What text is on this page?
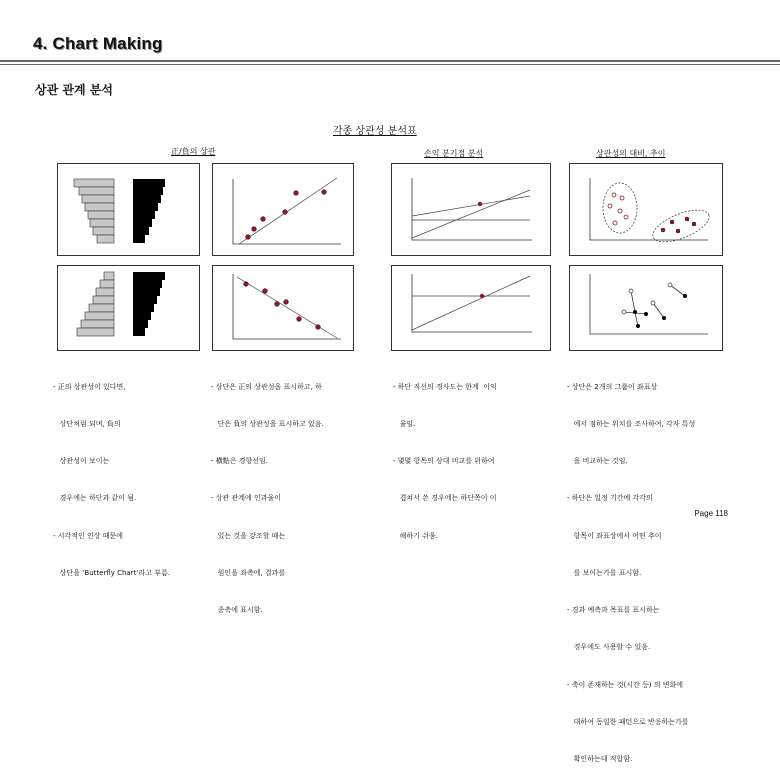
4. Chart Making
상관 관계 분석
각종 상관성 분석표
正/負의 상관	손익 분기점 분석	상관성의 대비, 추이

- 正의 상관성이 있다면,

상단처럼 되며, 負의

상관성이 보이는

경우에는 하단과 같이 됨.

- 시각적인 인상 때문에

상단을 ‘Butterfly Chart’라고 부름.

- 상단은 正의 상관성을 표시하고, 하

단은 負의 상관성을 표시하고 있음.

- 横點은 경향선임.

- 상관 관계에 인과율이

있는 것을 강조할 때는

원인을 좌측에, 결과를

종축에 표시함.

- 하단 직선의 경사도는 한계  이익

율임.

- 몇몇 항목의 상대 비교를 위하여

겹쳐서 쓴 경우에는 하단쪽이 이

해하기 쉬움.

- 상단은 2개의 그룹이 좌표상

에서 점하는 위치를 조사하여, 각자 특성

을 비교하는 것임.

- 하단은 일정 기간에 각각의

항목이 좌표상에서 어떤 추이

를 보이는가를 표시함.

- 경과 예측과 목표를 표시하는

경우에도 사용할 수 있음.

- 축이 존재하는 것(시간 등) 의 변화에

대하여 동일한 패턴으로 반응하는가를

확인하는데 적합함.

Page 118
